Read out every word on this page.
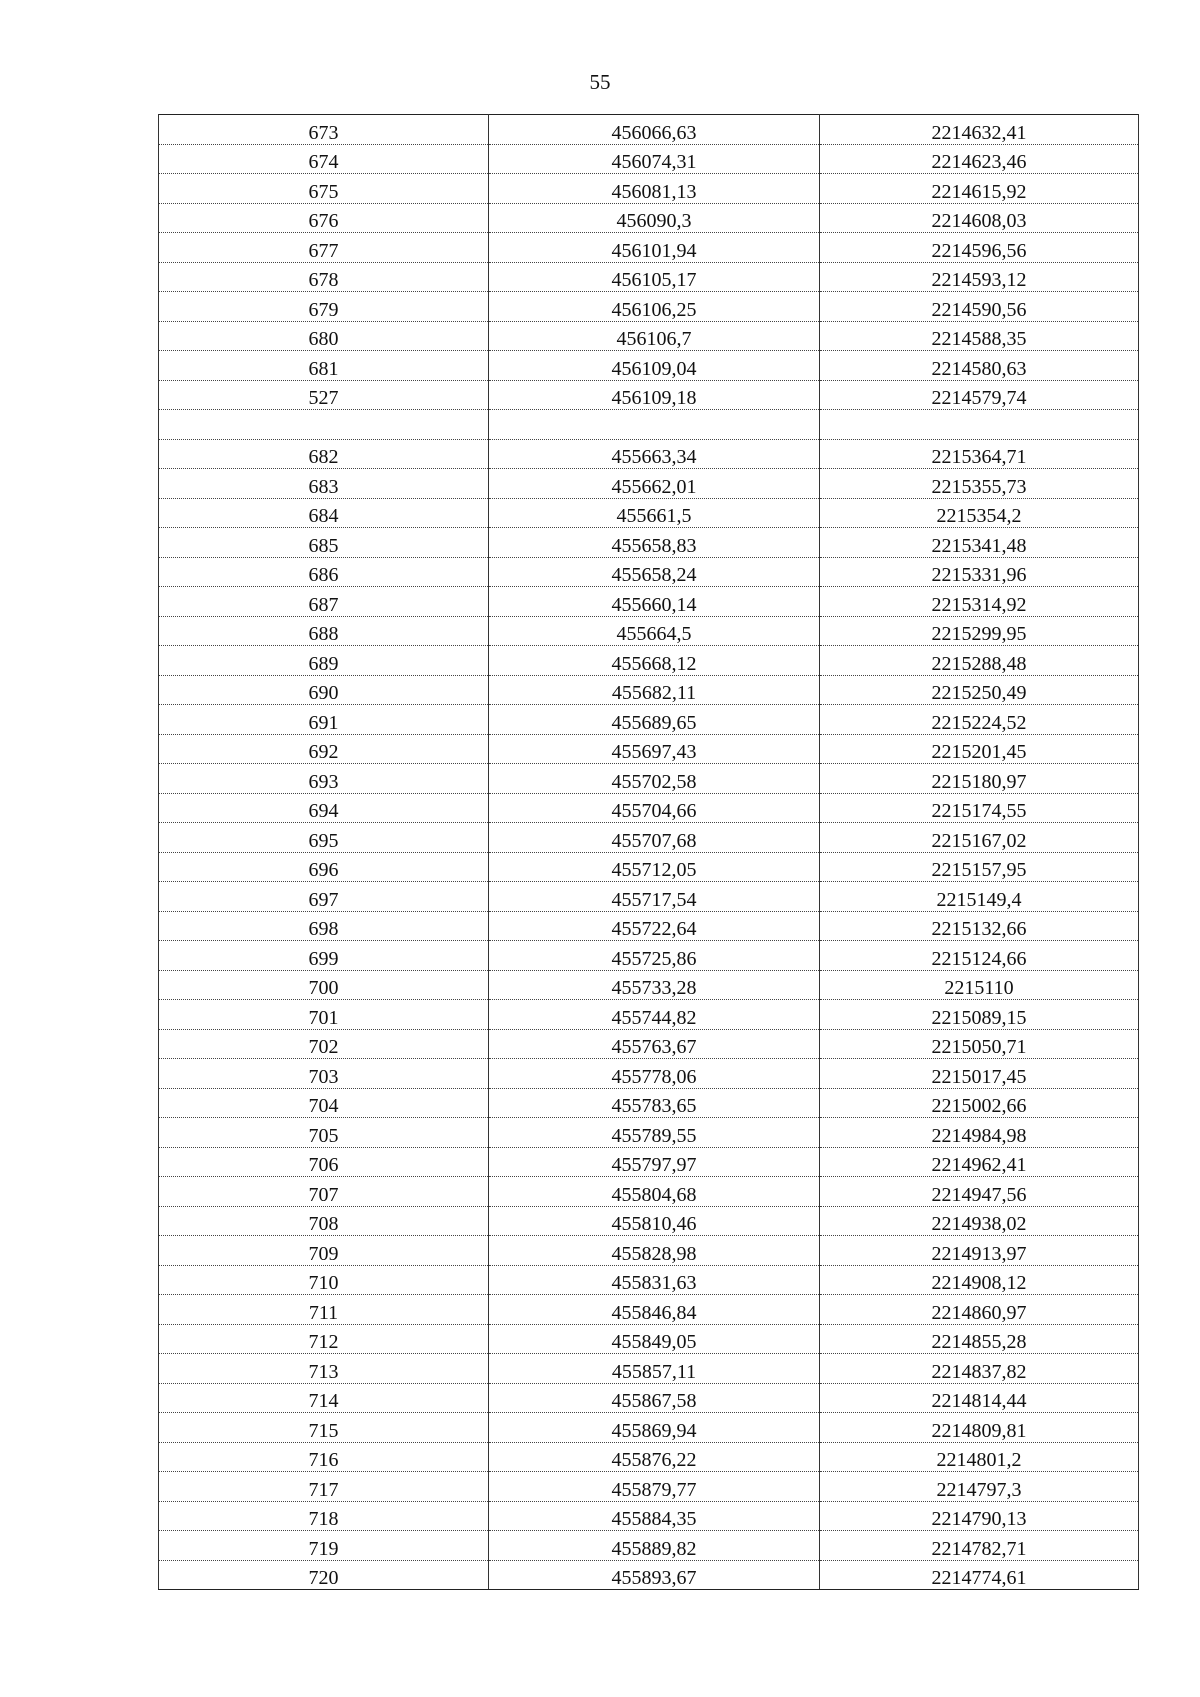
55
673	456066,63	2214632,41
674	456074,31	2214623,46
675	456081,13	2214615,92
676	456090,3	2214608,03
677	456101,94	2214596,56
678	456105,17	2214593,12
679	456106,25	2214590,56
680	456106,7	2214588,35
681	456109,04	2214580,63
527	456109,18	2214579,74

682	455663,34	2215364,71
683	455662,01	2215355,73
684	455661,5	2215354,2
685	455658,83	2215341,48
686	455658,24	2215331,96
687	455660,14	2215314,92
688	455664,5	2215299,95
689	455668,12	2215288,48
690	455682,11	2215250,49
691	455689,65	2215224,52
692	455697,43	2215201,45
693	455702,58	2215180,97
694	455704,66	2215174,55
695	455707,68	2215167,02
696	455712,05	2215157,95
697	455717,54	2215149,4
698	455722,64	2215132,66
699	455725,86	2215124,66
700	455733,28	2215110
701	455744,82	2215089,15
702	455763,67	2215050,71
703	455778,06	2215017,45
704	455783,65	2215002,66
705	455789,55	2214984,98
706	455797,97	2214962,41
707	455804,68	2214947,56
708	455810,46	2214938,02
709	455828,98	2214913,97
710	455831,63	2214908,12
711	455846,84	2214860,97
712	455849,05	2214855,28
713	455857,11	2214837,82
714	455867,58	2214814,44
715	455869,94	2214809,81
716	455876,22	2214801,2
717	455879,77	2214797,3
718	455884,35	2214790,13
719	455889,82	2214782,71
720	455893,67	2214774,61
